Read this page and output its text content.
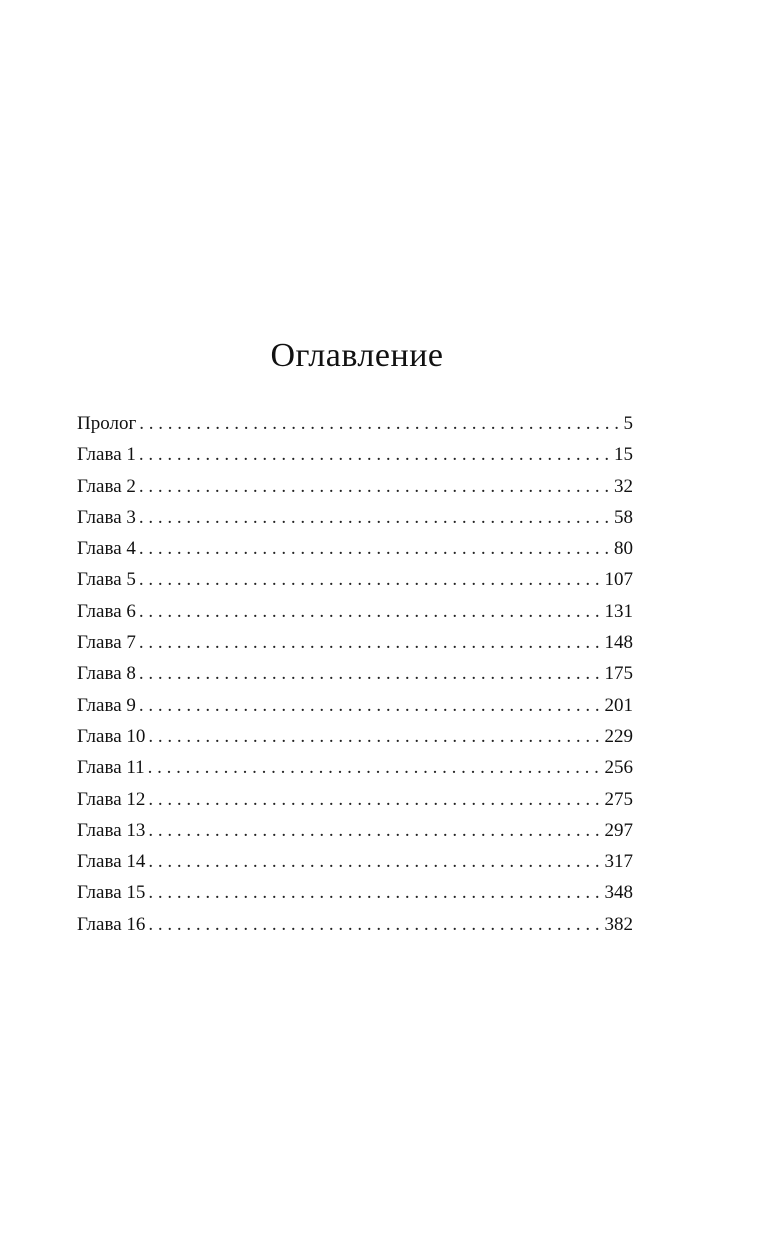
Оглавление
Пролог . . .	5
Глава 1 . . .	15
Глава 2 . . .	32
Глава 3 . . .	58
Глава 4 . . .	80
Глава 5 . . .	107
Глава 6 . . .	131
Глава 7 . . .	148
Глава 8 . . .	175
Глава 9 . . .	201
Глава 10 . . .	229
Глава 11 . . .	256
Глава 12 . . .	275
Глава 13 . . .	297
Глава 14 . . .	317
Глава 15 . . .	348
Глава 16 . . .	382
